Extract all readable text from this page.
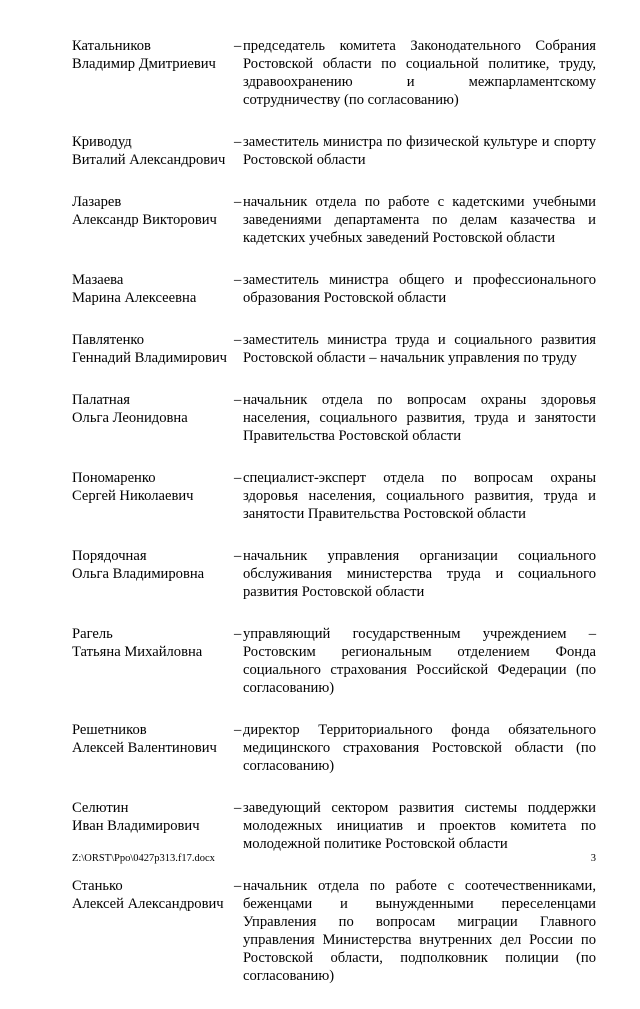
Катальников
Владимир Дмитриевич
– председатель комитета Законодательного Собрания Ростовской области по социальной политике, труду, здравоохранению и межпарламентскому сотрудничеству (по согласованию)
Криводуд
Виталий Александрович
– заместитель министра по физической культуре и спорту Ростовской области
Лазарев
Александр Викторович
– начальник отдела по работе с кадетскими учебными заведениями департамента по делам казачества и кадетских учебных заведений Ростовской области
Мазаева
Марина Алексеевна
– заместитель министра общего и профессионального образования Ростовской области
Павлятенко
Геннадий Владимирович
– заместитель министра труда и социального развития Ростовской области – начальник управления по труду
Палатная
Ольга Леонидовна
– начальник отдела по вопросам охраны здоровья населения, социального развития, труда и занятости Правительства Ростовской области
Пономаренко
Сергей Николаевич
– специалист-эксперт отдела по вопросам охраны здоровья населения, социального развития, труда и занятости Правительства Ростовской области
Порядочная
Ольга Владимировна
– начальник управления организации социального обслуживания министерства труда и социального развития Ростовской области
Рагель
Татьяна Михайловна
– управляющий государственным учреждением – Ростовским региональным отделением Фонда социального страхования Российской Федерации (по согласованию)
Решетников
Алексей Валентинович
– директор Территориального фонда обязательного медицинского страхования Ростовской области (по согласованию)
Селютин
Иван Владимирович
– заведующий сектором развития системы поддержки молодежных инициатив и проектов комитета по молодежной политике Ростовской области
Станько
Алексей Александрович
– начальник отдела по работе с соотечественниками, беженцами и вынужденными переселенцами Управления по вопросам миграции Главного управления Министерства внутренних дел России по Ростовской области, подполковник полиции (по согласованию)
Z:\ORST\Ppo\0427p313.f17.docx	3
